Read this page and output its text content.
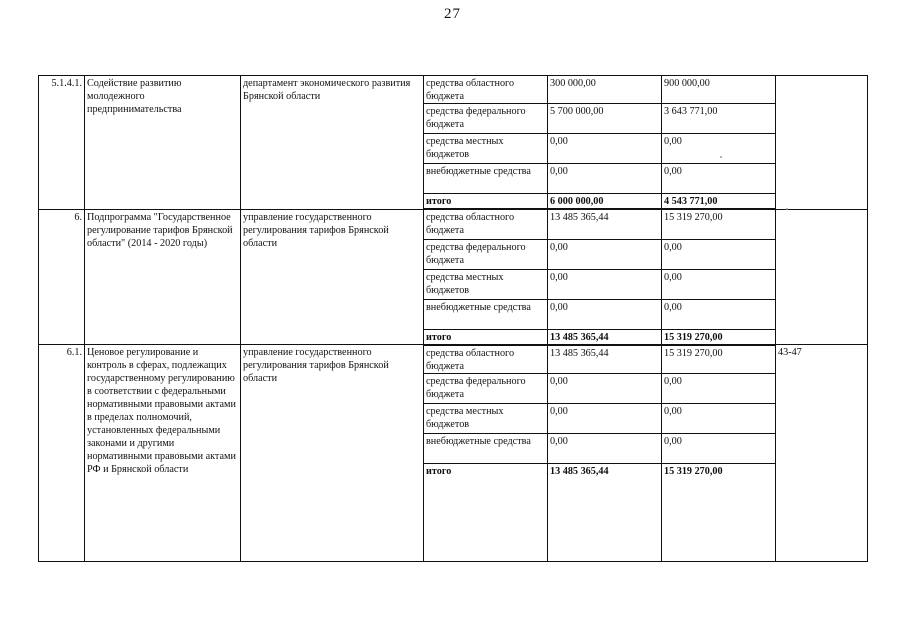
27
5.1.4.1.	Содействие развитию молодежного предпринимательства	департамент экономического развития Брянской области	средства областного бюджета	300 000,00	900 000,00	
			средства федерального бюджета	5 700 000,00	3 643 771,00	
			средства местных бюджетов	0,00	0,00	
			внебюджетные средства	0,00	0,00	
			итого	6 000 000,00	4 543 771,00	
6.	Подпрограмма "Государственное регулирование тарифов Брянской области" (2014 - 2020 годы)	управление государственного регулирования тарифов Брянской области	средства областного бюджета	13 485 365,44	15 319 270,00	
			средства федерального бюджета	0,00	0,00	
			средства местных бюджетов	0,00	0,00	
			внебюджетные средства	0,00	0,00	
			итого	13 485 365,44	15 319 270,00	
6.1.	Ценовое регулирование и контроль в сферах, подлежащих государственному регулированию в соответствии с федеральными нормативными правовыми актами в пределах полномочий, установленных федеральными законами и другими нормативными правовыми актами РФ и Брянской области	управление государственного регулирования тарифов Брянской области	средства областного бюджета	13 485 365,44	15 319 270,00	43-47
			средства федерального бюджета	0,00	0,00	
			средства местных бюджетов	0,00	0,00	
			внебюджетные средства	0,00	0,00	
			итого	13 485 365,44	15 319 270,00	
